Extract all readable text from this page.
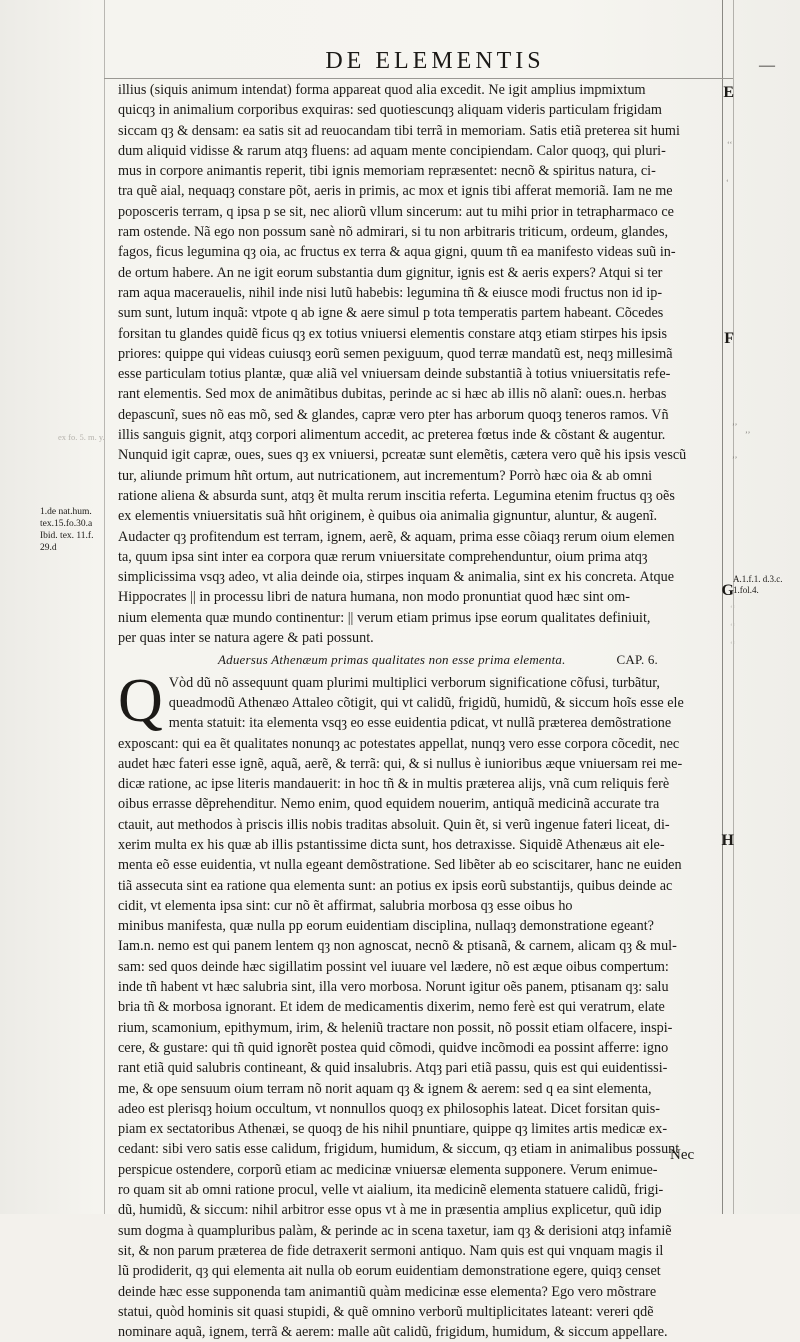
DE ELEMENTIS	—
E
F
G
H
ʻʻ
ʻ
ʼʼ
ʼʼ
ʼʼ
ʻʻ
ʻʻ
ʻʻ
ex fo. 5. m. y.
1.de nat.hum.
tex.15.fo.30.a
Ibid. tex. 11.f.
29.d
A.1.f.1. d.3.c.
1.fol.4.
illius (siquis animum intendat) forma appareat quod alia excedit. Ne igit amplius impmixtum
quicqȝ in animalium corporibus exquiras: sed quotiescunqȝ aliquam videris particulam frigidam
siccam qȝ & densam: ea satis sit ad reuocandam tibi terrã in memoriam. Satis etiã preterea sit humi
dum aliquid vidisse & rarum atqȝ fluens: ad aquam mente concipiendam. Calor quoqȝ, qui pluri-
mus in corpore animantis reperit, tibi ignis memoriam repræsentet: necnõ & spiritus natura, ci-
tra quẽ aial, nequaqȝ constare põt, aeris in primis, ac mox et ignis tibi afferat memoriã. Iam ne me
poposceris terram, q ipsa p se sit, nec aliorũ vllum sincerum: aut tu mihi prior in tetrapharmaco ce
ram ostende. Nã ego non possum sanè nõ admirari, si tu non arbitraris triticum, ordeum, glandes,
fagos, ficus legumina qȝ oia, ac fructus ex terra & aqua gigni, quum tñ ea manifesto videas suũ in-
de ortum habere. An ne igit eorum substantia dum gignitur, ignis est & aeris expers? Atqui si ter
ram aqua macerauelis, nihil inde nisi lutũ habebis: legumina tñ & eiusce modi fructus non id ip-
sum sunt, lutum inquã: vtpote q ab igne & aere simul p tota temperatis partem habeant. Cõcedes
forsitan tu glandes quidẽ ficus qȝ ex totius vniuersi elementis constare atqȝ etiam stirpes his ipsis
priores: quippe qui videas cuiusqȝ eorũ semen pexiguum, quod terræ mandatũ est, neqȝ millesimã
esse particulam totius plantæ, quæ aliã vel vniuersam deinde substantiã à totius vniuersitatis refe-
rant elementis. Sed mox de animãtibus dubitas, perinde ac si hæc ab illis nõ alanĩ: oues.n. herbas
depascunĩ, sues nõ eas mõ, sed & glandes, capræ vero pter has arborum quoqȝ teneros ramos. Vñ
illis sanguis gignit, atqȝ corpori alimentum accedit, ac preterea fœtus inde & cõstant & augentur.
Nunquid igit capræ, oues, sues qȝ ex vniuersi, pcreatæ sunt elemẽtis, cætera vero quẽ his ipsis vescũ
tur, aliunde primum hñt ortum, aut nutricationem, aut incrementum? Porrò hæc oia & ab omni
ratione aliena & absurda sunt, atqȝ ẽt multa rerum inscitia referta. Legumina etenim fructus qȝ oẽs
ex elementis vniuersitatis suã hñt originem, è quibus oia animalia gignuntur, aluntur, & augenĩ.
Audacter qȝ profitendum est terram, ignem, aerẽ, & aquam, prima esse cõiaqȝ rerum oium elemen
ta, quum ipsa sint inter ea corpora quæ rerum vniuersitate comprehenduntur, oium prima atqȝ
simplicissima vsqȝ adeo, vt alia deinde oia, stirpes inquam & animalia, sint ex his concreta. Atque
Hippocrates || in processu libri de natura humana, non modo pronuntiat quod hæc sint om-
nium elementa quæ mundo continentur: || verum etiam primus ipse eorum qualitates definiuit,
per quas inter se natura agere & pati possunt.
Aduersus Athenæum primas qualitates non esse prima elementa.	CAP. 6.
Q Vòd dũ nõ assequunt quam plurimi multiplici verborum significatione cõfusi, turbãtur,
queadmodũ Athenæo Attaleo cõtigit, qui vt calidũ, frigidũ, humidũ, & siccum hoĩs esse ele
menta statuit: ita elementa vsqȝ eo esse euidentia pdicat, vt nullã præterea demõstratione
exposcant: qui ea ẽt qualitates nonunqȝ ac potestates appellat, nunqȝ vero esse corpora cõcedit, nec
audet hæc fateri esse ignẽ, aquã, aerẽ, & terrã: qui, & si nullus è iunioribus æque vniuersam rei me-
dicæ ratione, ac ipse literis mandauerit: in hoc tñ & in multis præterea alijs, vnã cum reliquis ferè
oibus errasse dẽprehenditur. Nemo enim, quod equidem nouerim, antiquã medicinã accurate tra
ctauit, aut methodos à priscis illis nobis traditas absoluit. Quin ẽt, si verũ ingenue fateri liceat, di-
xerim multa ex his quæ ab illis pstantissime dicta sunt, hos detraxisse. Siquidẽ Athenæus ait ele-
menta eõ esse euidentia, vt nulla egeant demõstratione. Sed libẽter ab eo sciscitarer, hanc ne euiden
tiã assecuta sint ea ratione qua elementa sunt: an potius ex ipsis eorũ substantijs, quibus deinde ac
cidit, vt elementa ipsa sint: cur nõ ẽt affirmat, salubria morbosa qȝ esse oibus ho
minibus manifesta, quæ nulla pp eorum euidentiam disciplina, nullaqȝ demonstratione egeant?
Iam.n. nemo est qui panem lentem qȝ non agnoscat, necnõ & ptisanã, & carnem, alicam qȝ & mul-
sam: sed quos deinde hæc sigillatim possint vel iuuare vel lædere, nõ est æque oibus compertum:
inde tñ habent vt hæc salubria sint, illa vero morbosa. Norunt igitur oẽs panem, ptisanam qȝ: salu
bria tñ & morbosa ignorant. Et idem de medicamentis dixerim, nemo ferè est qui veratrum, elate
rium, scamonium, epithymum, irim, & heleniũ tractare non possit, nõ possit etiam olfacere, inspi-
cere, & gustare: qui tñ quid ignorẽt postea quid cõmodi, quidve incõmodi ea possint afferre: igno
rant etiã quid salubris contineant, & quid insalubris. Atqȝ pari etiã passu, quis est qui euidentissi-
me, & ope sensuum oium terram nõ norit aquam qȝ & ignem & aerem: sed q ea sint elementa,
adeo est plerisqȝ hoium occultum, vt nonnullos quoqȝ ex philosophis lateat. Dicet forsitan quis-
piam ex sectatoribus Athenæi, se quoqȝ de his nihil pnuntiare, quippe qȝ limites artis medicæ ex-
cedant: sibi vero satis esse calidum, frigidum, humidum, & siccum, qȝ etiam in animalibus possunt
perspicue ostendere, corporũ etiam ac medicinæ vniuersæ elementa supponere. Verum enimue-
ro quam sit ab omni ratione procul, velle vt aialium, ita medicinẽ elementa statuere calidũ, frigi-
dũ, humidũ, & siccum: nihil arbitror esse opus vt à me in præsentia amplius explicetur, quũ idip
sum dogma à quampluribus palàm, & perinde ac in scena taxetur, iam qȝ & derisioni atqȝ infamiẽ
sit, & non parum præterea de fide detraxerit sermoni antiquo. Nam quis est qui vnquam magis il
lũ prodiderit, qȝ qui elementa ait nulla ob eorum euidentiam demonstratione egere, quiqȝ censet
deinde hæc esse supponenda tam animantiũ quàm medicinæ esse elementa? Ego vero mõstrare
statui, quòd hominis sit quasi stupidi, & quẽ omnino verborũ multiplicitates lateant: vereri qdẽ
nominare aquã, ignem, terrã & aerem: malle aũt calidũ, frigidum, humidum, & siccum appellare.
Nec
